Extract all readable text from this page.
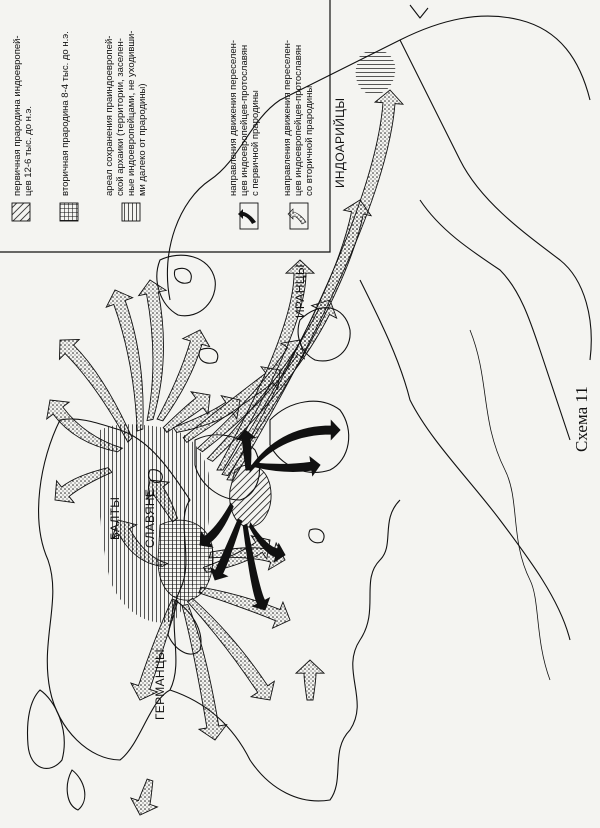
первичная прародина индоевропей- цев 12-6 тыс. до н.э.	вторичная прародина 8-4 тыс. до н.э.	ареал сохранения праиндоевропей- ской архаики (территории, заселен- ные индоевропейцами, не уходивши- ми далеко от прародины)	направления движения переселен- цев индоевропейцев-протославян с первичной прародины направления движения переселен- цев индоевропейцев-протославян со вторичной прародины
БАЛТЫ СЛАВЯНЕ
ГЕРМАНЦЫ
ИРАНЦЫ
ИНДОАРИЙЦЫ
Схема 11
